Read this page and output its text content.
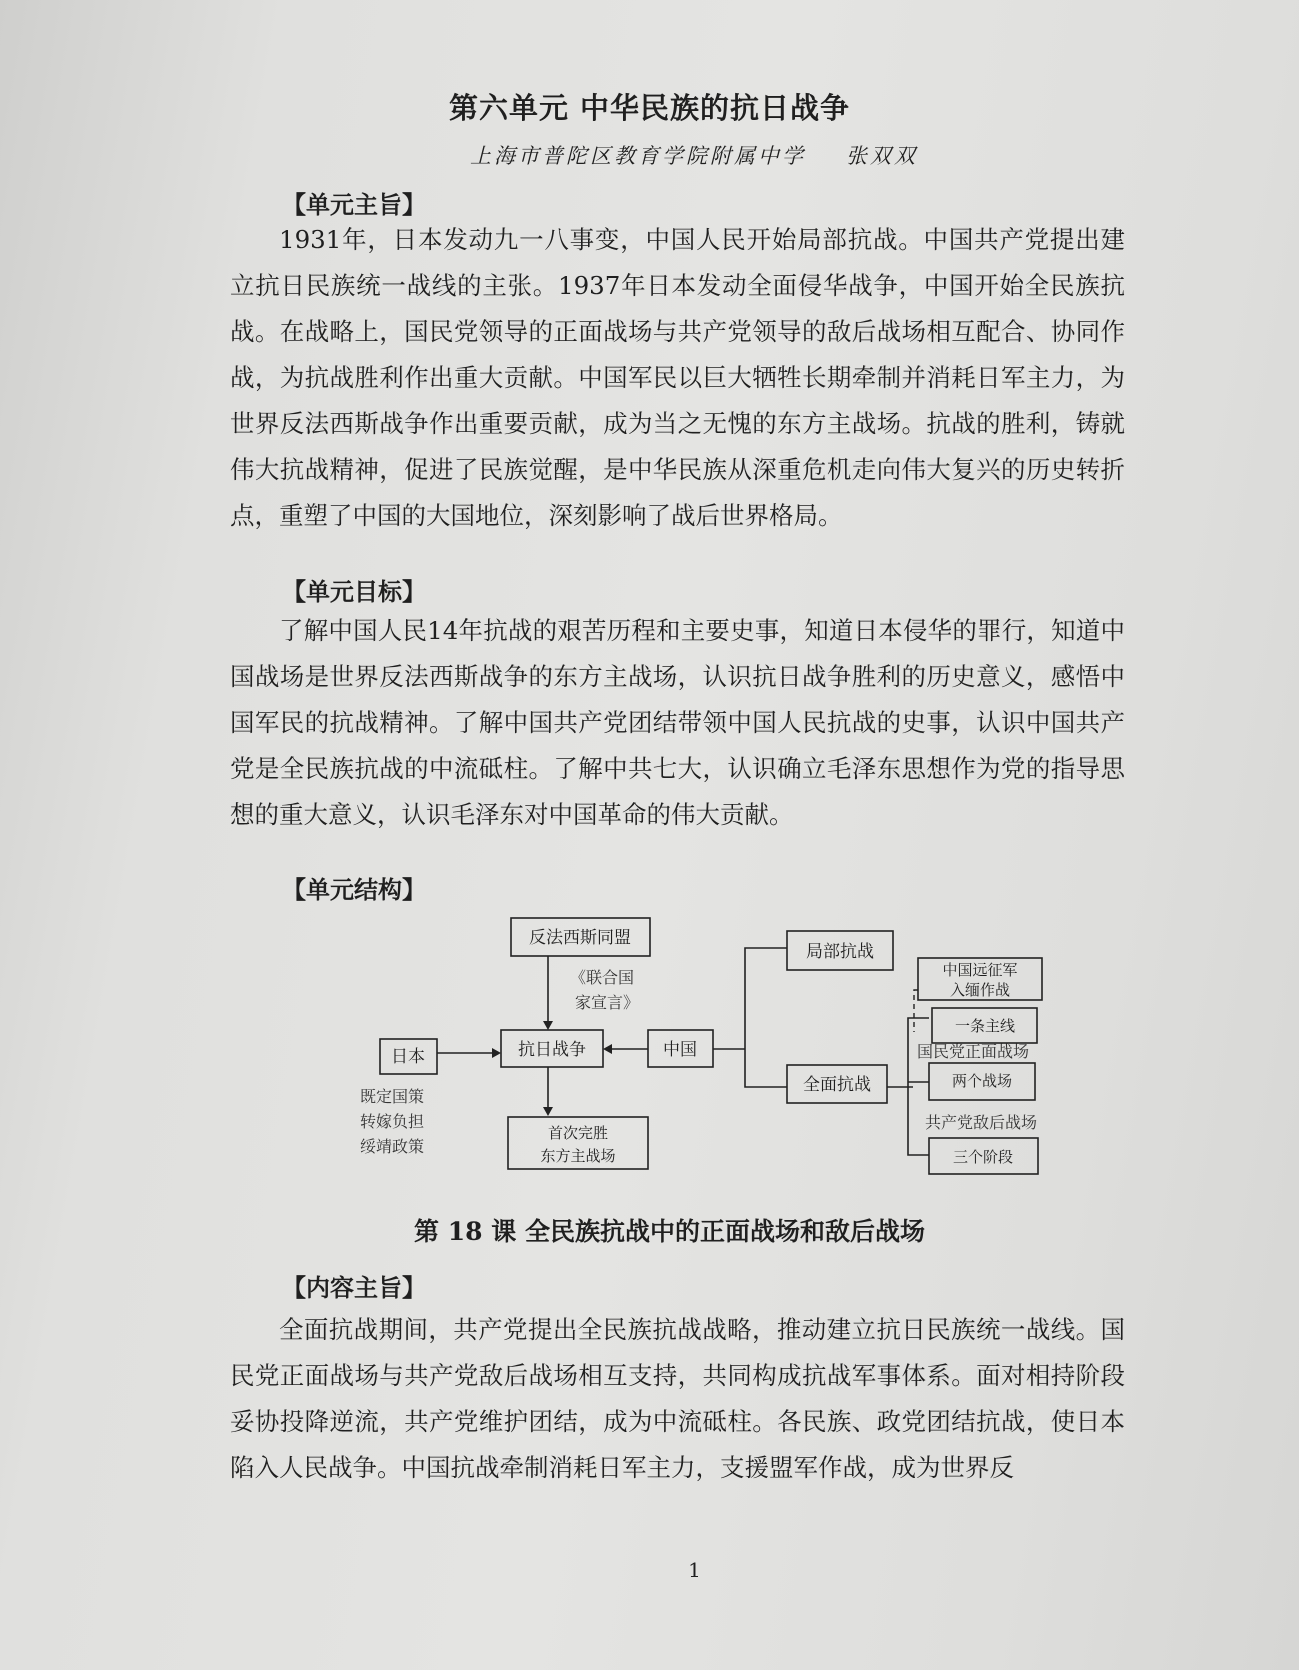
第六单元 中华民族的抗日战争
上海市普陀区教育学院附属中学 张双双
【单元主旨】
1931年，日本发动九一八事变，中国人民开始局部抗战。中国共产党提出建立抗日民族统一战线的主张。1937年日本发动全面侵华战争，中国开始全民族抗战。在战略上，国民党领导的正面战场与共产党领导的敌后战场相互配合、协同作战，为抗战胜利作出重大贡献。中国军民以巨大牺牲长期牵制并消耗日军主力，为世界反法西斯战争作出重要贡献，成为当之无愧的东方主战场。抗战的胜利，铸就伟大抗战精神，促进了民族觉醒，是中华民族从深重危机走向伟大复兴的历史转折点，重塑了中国的大国地位，深刻影响了战后世界格局。
【单元目标】
了解中国人民14年抗战的艰苦历程和主要史事，知道日本侵华的罪行，知道中国战场是世界反法西斯战争的东方主战场，认识抗日战争胜利的历史意义，感悟中国军民的抗战精神。了解中国共产党团结带领中国人民抗战的史事，认识中国共产党是全民族抗战的中流砥柱。了解中共七大，认识确立毛泽东思想作为党的指导思想的重大意义，认识毛泽东对中国革命的伟大贡献。
【单元结构】
反法西斯同盟
《联合国
家宣言》
日本
既定国策
转嫁负担
绥靖政策
抗日战争	中国
首次完胜
东方主战场
局部抗战
全面抗战
中国远征军
入缅作战
一条主线
国民党正面战场
两个战场
共产党敌后战场
三个阶段
第 18 课 全民族抗战中的正面战场和敌后战场
【内容主旨】
全面抗战期间，共产党提出全民族抗战战略，推动建立抗日民族统一战线。国民党正面战场与共产党敌后战场相互支持，共同构成抗战军事体系。面对相持阶段妥协投降逆流，共产党维护团结，成为中流砥柱。各民族、政党团结抗战，使日本陷入人民战争。中国抗战牵制消耗日军主力，支援盟军作战，成为世界反
1
